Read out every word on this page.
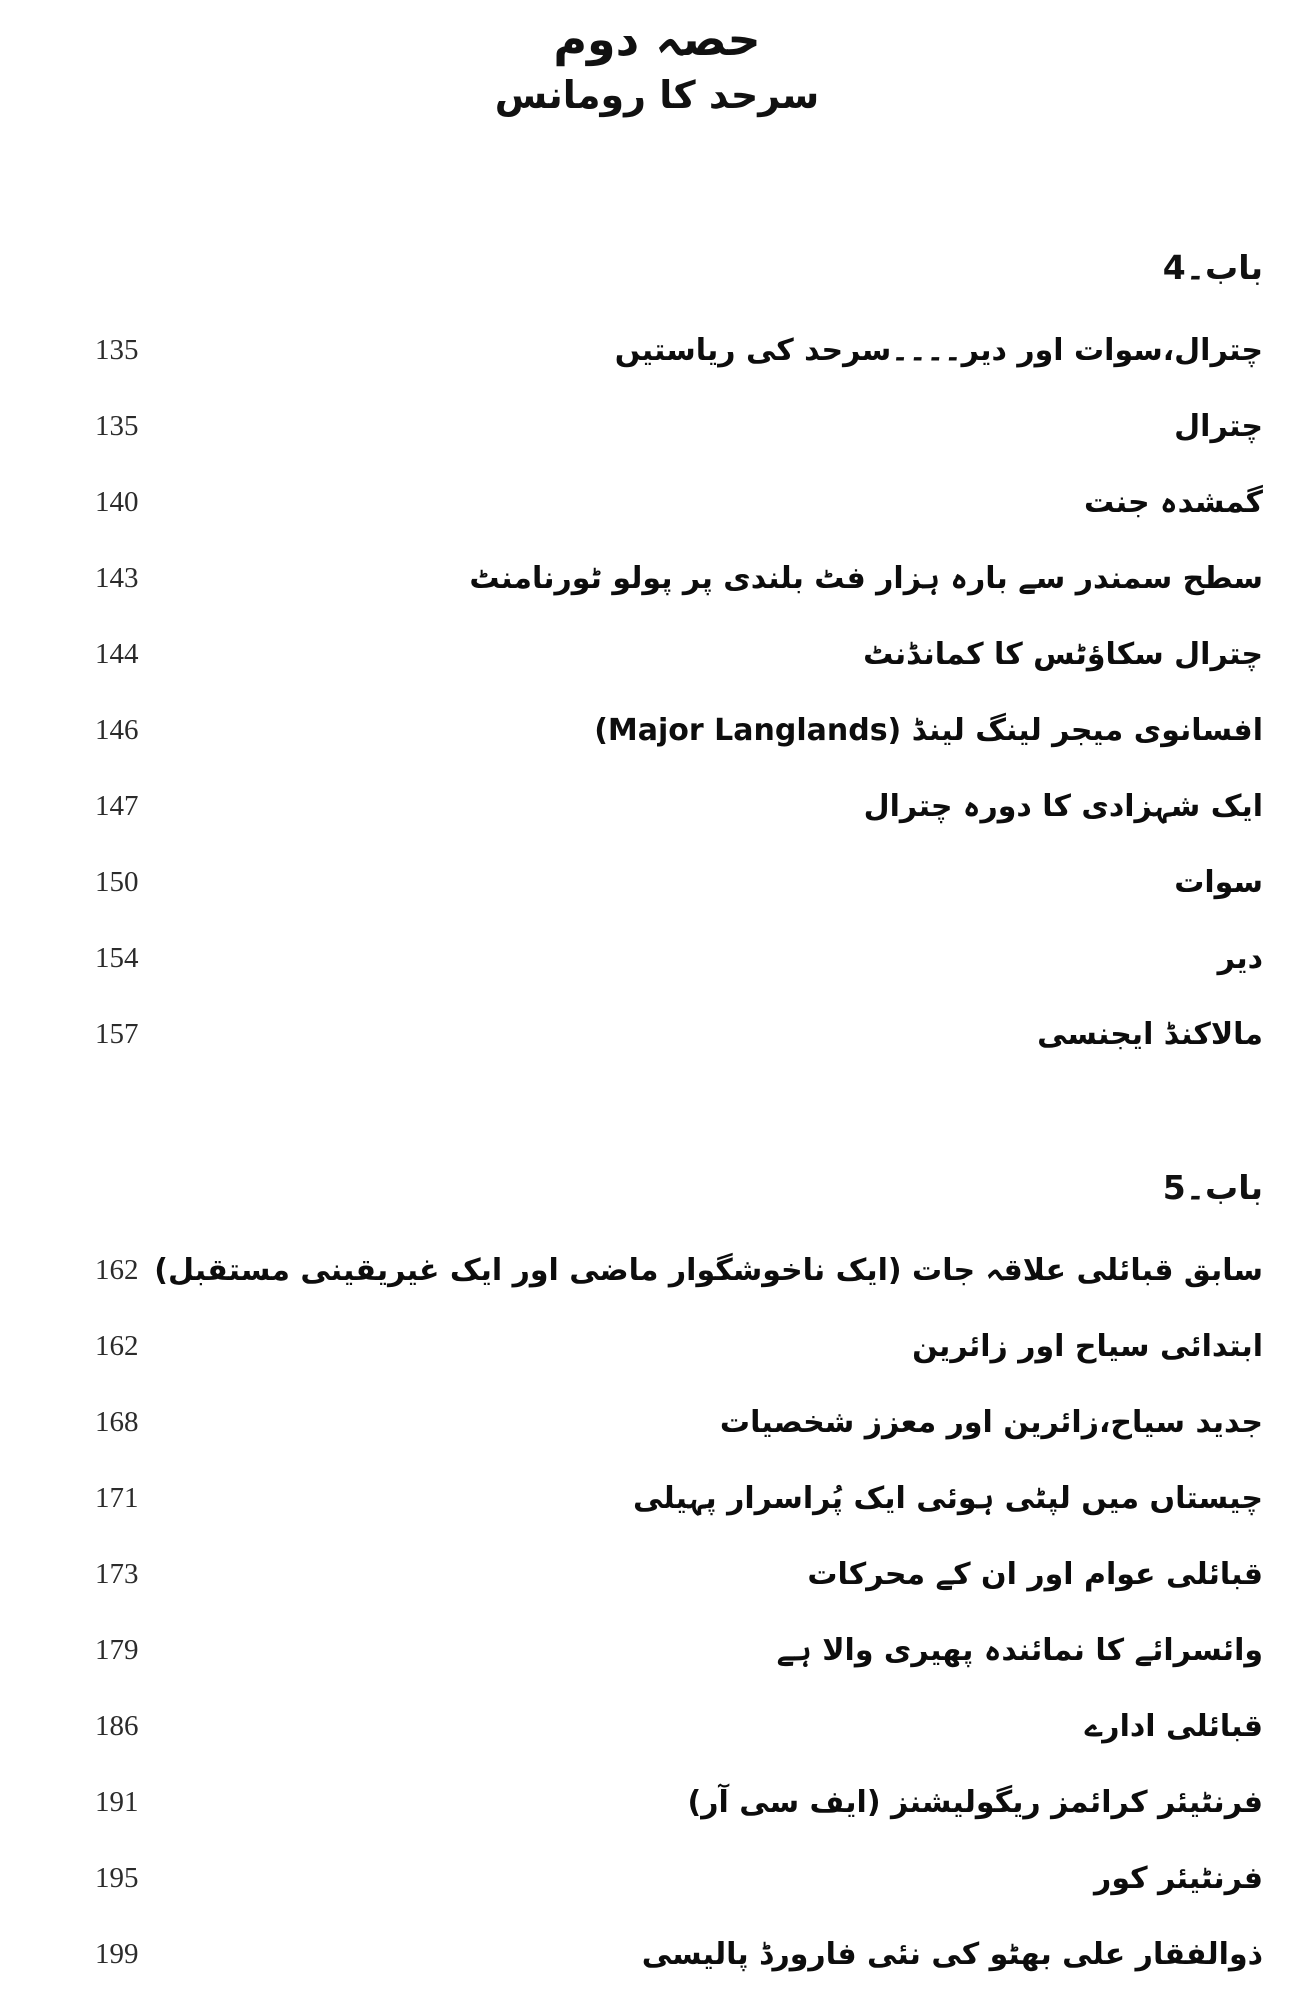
حصہ دوم
سرحد کا رومانس
باب۔4
135	چترال،سوات اور دیر۔۔۔۔سرحد کی ریاستیں
135	چترال
140	گمشدہ جنت
143	سطح سمندر سے بارہ ہزار فٹ بلندی پر پولو ٹورنامنٹ
144	چترال سکاؤٹس کا کمانڈنٹ
146	افسانوی میجر لینگ لینڈ (Major Langlands)
147	ایک شہزادی کا دورہ چترال
150	سوات
154	دیر
157	مالاکنڈ ایجنسی
باب۔5
162 سابق قبائلی علاقہ جات (ایک ناخوشگوار ماضی اور ایک غیریقینی مستقبل)
162	ابتدائی سیاح اور زائرین
168	جدید سیاح،زائرین اور معزز شخصیات
171	چیستاں میں لپٹی ہوئی ایک پُراسرار پہیلی
173	قبائلی عوام اور ان کے محرکات
179	وائسرائے کا نمائندہ پھیری والا ہے
186	قبائلی ادارے
191	فرنٹیئر کرائمز ریگولیشنز (ایف سی آر)
195	فرنٹیئر کور
199	ذوالفقار علی بھٹو کی نئی فارورڈ پالیسی
